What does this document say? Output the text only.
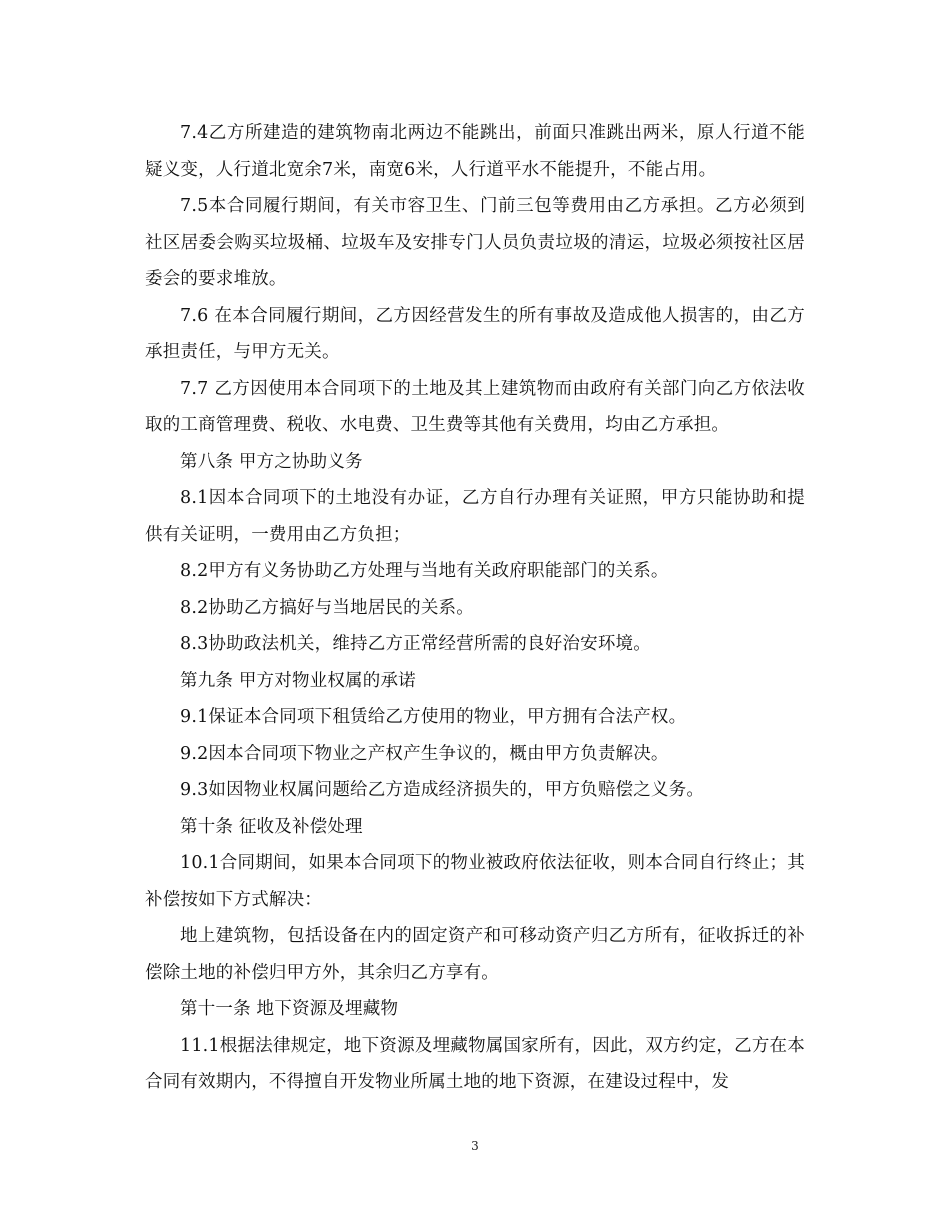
7.4乙方所建造的建筑物南北两边不能跳出，前面只准跳出两米，原人行道不能疑义变，人行道北宽余7米，南宽6米，人行道平水不能提升，不能占用。

7.5本合同履行期间，有关市容卫生、门前三包等费用由乙方承担。乙方必须到社区居委会购买垃圾桶、垃圾车及安排专门人员负责垃圾的清运，垃圾必须按社区居委会的要求堆放。

7.6 在本合同履行期间，乙方因经营发生的所有事故及造成他人损害的，由乙方承担责任，与甲方无关。

7.7 乙方因使用本合同项下的土地及其上建筑物而由政府有关部门向乙方依法收取的工商管理费、税收、水电费、卫生费等其他有关费用，均由乙方承担。

第八条 甲方之协助义务

8.1因本合同项下的土地没有办证，乙方自行办理有关证照，甲方只能协助和提供有关证明，一费用由乙方负担；

8.2甲方有义务协助乙方处理与当地有关政府职能部门的关系。

8.2协助乙方搞好与当地居民的关系。

8.3协助政法机关，维持乙方正常经营所需的良好治安环境。

第九条 甲方对物业权属的承诺

9.1保证本合同项下租赁给乙方使用的物业，甲方拥有合法产权。

9.2因本合同项下物业之产权产生争议的，概由甲方负责解决。

9.3如因物业权属问题给乙方造成经济损失的，甲方负赔偿之义务。

第十条 征收及补偿处理

10.1合同期间，如果本合同项下的物业被政府依法征收，则本合同自行终止；其补偿按如下方式解决：

地上建筑物，包括设备在内的固定资产和可移动资产归乙方所有，征收拆迁的补偿除土地的补偿归甲方外，其余归乙方享有。

第十一条 地下资源及埋藏物

11.1根据法律规定，地下资源及埋藏物属国家所有，因此，双方约定，乙方在本合同有效期内，不得擅自开发物业所属土地的地下资源，在建设过程中，发

3
